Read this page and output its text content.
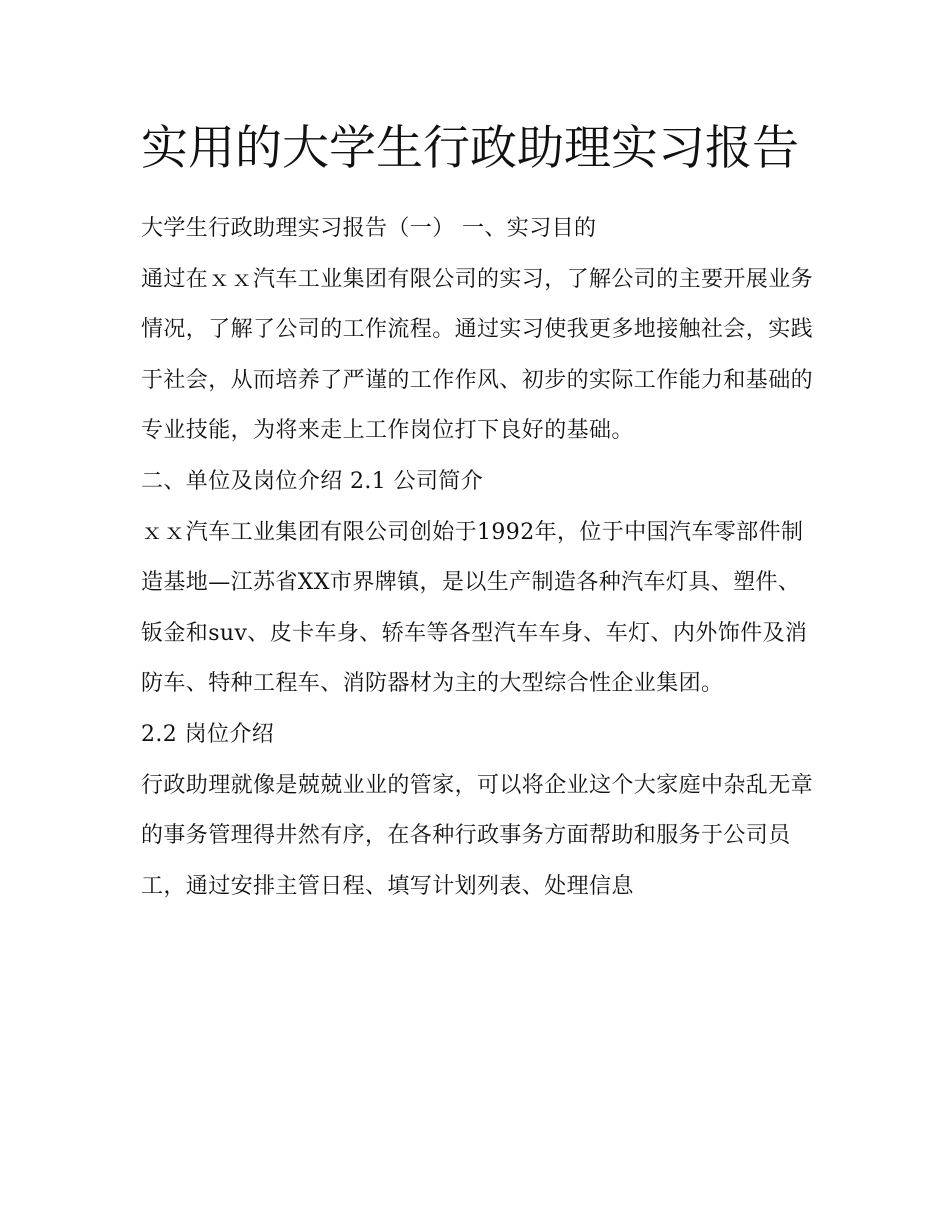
实用的大学生行政助理实习报告

大学生行政助理实习报告（一） 一、实习目的

通过在ｘｘ汽车工业集团有限公司的实习，了解公司的主要开展业务情况，了解了公司的工作流程。通过实习使我更多地接触社会，实践于社会，从而培养了严谨的工作作风、初步的实际工作能力和基础的专业技能，为将来走上工作岗位打下良好的基础。

二、单位及岗位介绍 2.1 公司简介

ｘｘ汽车工业集团有限公司创始于1992年，位于中国汽车零部件制造基地—江苏省XX市界牌镇，是以生产制造各种汽车灯具、塑件、钣金和suv、皮卡车身、轿车等各型汽车车身、车灯、内外饰件及消防车、特种工程车、消防器材为主的大型综合性企业集团。

2.2 岗位介绍

行政助理就像是兢兢业业的管家，可以将企业这个大家庭中杂乱无章的事务管理得井然有序，在各种行政事务方面帮助和服务于公司员工，通过安排主管日程、填写计划列表、处理信息
